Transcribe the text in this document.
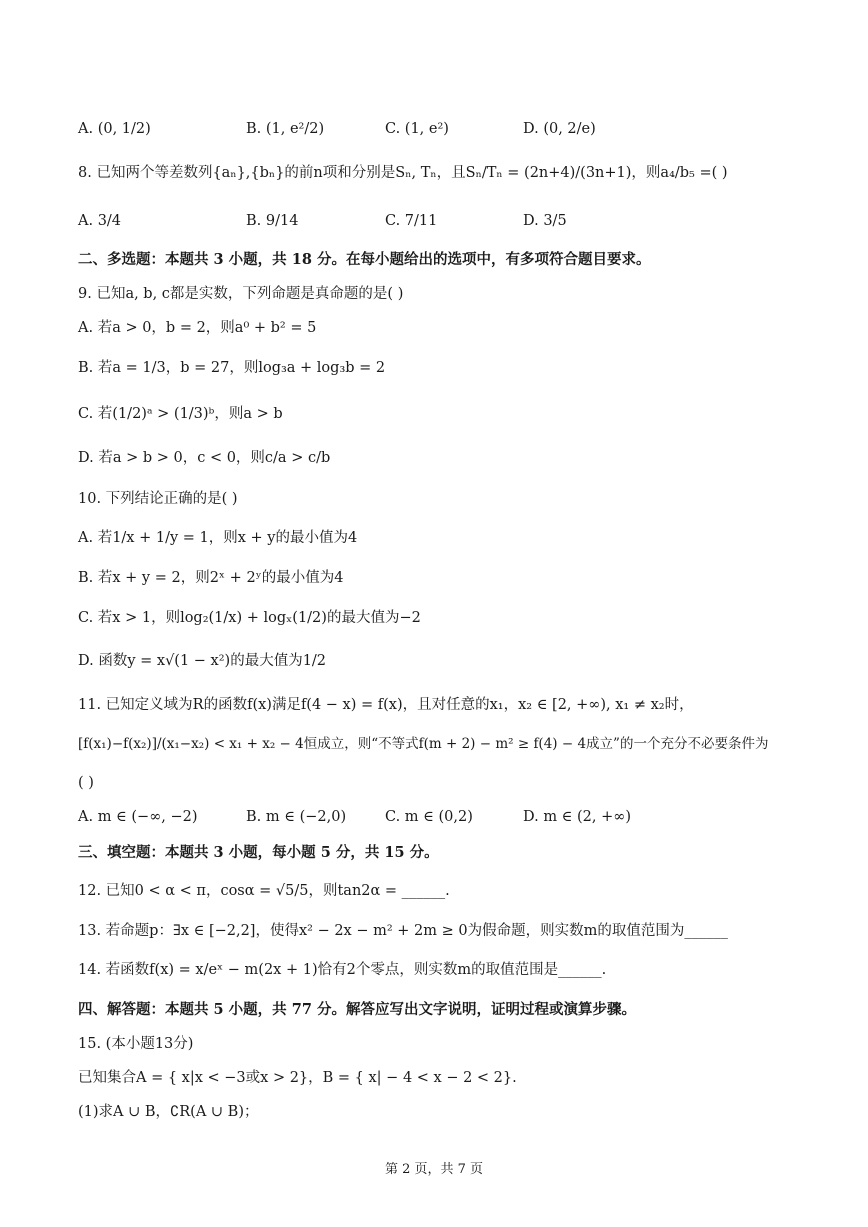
A. (0, 1/2)	B. (1, e²/2)	C. (1, e²)	D. (0, 2/e)
8. 已知两个等差数列{aₙ},{bₙ}的前n项和分别是Sₙ, Tₙ，且Sₙ/Tₙ = (2n+4)/(3n+1)，则a₄/b₅ =( )
A. 3/4	B. 9/14	C. 7/11	D. 3/5
二、多选题：本题共 3 小题，共 18 分。在每小题给出的选项中，有多项符合题目要求。
9. 已知a, b, c都是实数，下列命题是真命题的是( )
A. 若a > 0，b = 2，则a⁰ + b² = 5
B. 若a = 1/3，b = 27，则log₃a + log₃b = 2
C. 若(1/2)ᵃ > (1/3)ᵇ，则a > b
D. 若a > b > 0，c < 0，则c/a > c/b
10. 下列结论正确的是( )
A. 若1/x + 1/y = 1，则x + y的最小值为4
B. 若x + y = 2，则2ˣ + 2ʸ的最小值为4
C. 若x > 1，则log₂(1/x) + logₓ(1/2)的最大值为−2
D. 函数y = x√(1 − x²)的最大值为1/2
11. 已知定义域为R的函数f(x)满足f(4 − x) = f(x)，且对任意的x₁，x₂ ∈ [2, +∞), x₁ ≠ x₂时，
[f(x₁)−f(x₂)]/(x₁−x₂) < x₁ + x₂ − 4恒成立，则“不等式f(m + 2) − m² ≥ f(4) − 4成立”的一个充分不必要条件为
( )
A. m ∈ (−∞, −2)	B. m ∈ (−2,0)	C. m ∈ (0,2)	D. m ∈ (2, +∞)
三、填空题：本题共 3 小题，每小题 5 分，共 15 分。
12. 已知0 < α < π，cosα = √5/5，则tan2α = ______.
13. 若命题p：∃x ∈ [−2,2]，使得x² − 2x − m² + 2m ≥ 0为假命题，则实数m的取值范围为______
14. 若函数f(x) = x/eˣ − m(2x + 1)恰有2个零点，则实数m的取值范围是______.
四、解答题：本题共 5 小题，共 77 分。解答应写出文字说明，证明过程或演算步骤。
15. (本小题13分)
已知集合A = { x|x < −3或x > 2}，B = { x| − 4 < x − 2 < 2}.
(1)求A ∪ B，∁R(A ∪ B)；
第 2 页，共 7 页
